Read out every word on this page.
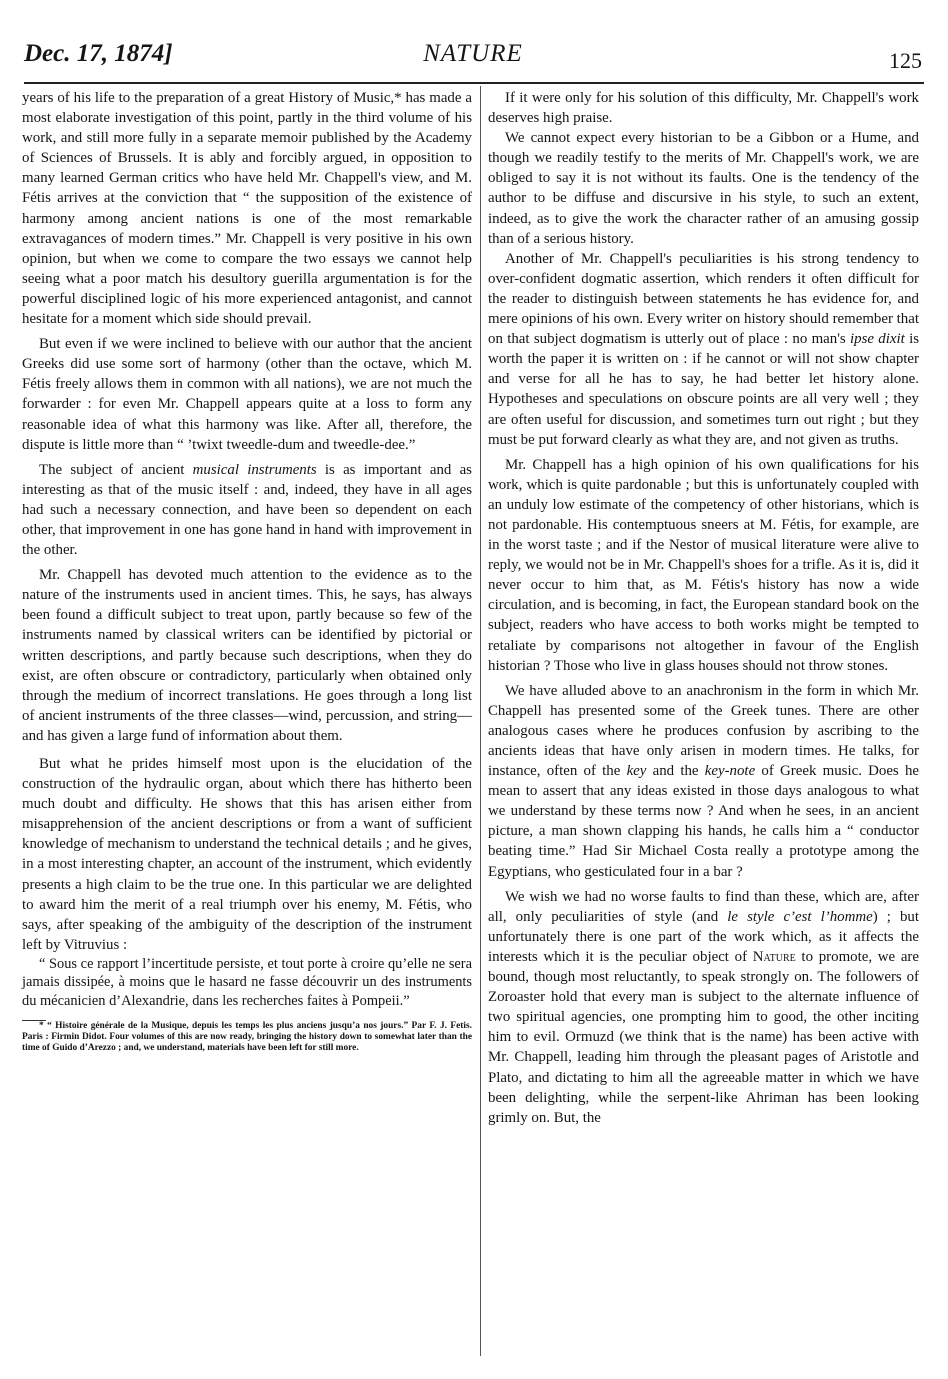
Dec. 17, 1874]	NATURE	125

years of his life to the preparation of a great History of Music,* has made a most elaborate investigation of this point, partly in the third volume of his work, and still more fully in a separate memoir published by the Academy of Sciences of Brussels. It is ably and forcibly argued, in opposition to many learned German critics who have held Mr. Chappell's view, and M. Fétis arrives at the conviction that “ the supposition of the existence of harmony among ancient nations is one of the most remarkable extravagances of modern times.” Mr. Chappell is very positive in his own opinion, but when we come to compare the two essays we cannot help seeing what a poor match his desultory guerilla argumentation is for the powerful disciplined logic of his more experienced antagonist, and cannot hesitate for a moment which side should prevail.

But even if we were inclined to believe with our author that the ancient Greeks did use some sort of harmony (other than the octave, which M. Fétis freely allows them in common with all nations), we are not much the forwarder : for even Mr. Chappell appears quite at a loss to form any reasonable idea of what this harmony was like. After all, therefore, the dispute is little more than “ ’twixt tweedle-dum and tweedle-dee.”

The subject of ancient musical instruments is as important and as interesting as that of the music itself : and, indeed, they have in all ages had such a necessary connection, and have been so dependent on each other, that improvement in one has gone hand in hand with improvement in the other.

Mr. Chappell has devoted much attention to the evidence as to the nature of the instruments used in ancient times. This, he says, has always been found a difficult subject to treat upon, partly because so few of the instruments named by classical writers can be identified by pictorial or written descriptions, and partly because such descriptions, when they do exist, are often obscure or contradictory, particularly when obtained only through the medium of incorrect translations. He goes through a long list of ancient instruments of the three classes—wind, percussion, and string—and has given a large fund of information about them.

But what he prides himself most upon is the elucidation of the construction of the hydraulic organ, about which there has hitherto been much doubt and difficulty. He shows that this has arisen either from misapprehension of the ancient descriptions or from a want of sufficient knowledge of mechanism to understand the technical details ; and he gives, in a most interesting chapter, an account of the instrument, which evidently presents a high claim to be the true one. In this particular we are delighted to award him the merit of a real triumph over his enemy, M. Fétis, who says, after speaking of the ambiguity of the description of the instrument left by Vitruvius :

“ Sous ce rapport l’incertitude persiste, et tout porte à croire qu’elle ne sera jamais dissipée, à moins que le hasard ne fasse découvrir un des instruments du mécanicien d’Alexandrie, dans les recherches faites à Pompeii.”

* “ Histoire générale de la Musique, depuis les temps les plus anciens jusqu’a nos jours.” Par F. J. Fetis. Paris : Firmin Didot. Four volumes of this are now ready, bringing the history down to somewhat later than the time of Guido d’Arezzo ; and, we understand, materials have been left for still more.

If it were only for his solution of this difficulty, Mr. Chappell's work deserves high praise.

We cannot expect every historian to be a Gibbon or a Hume, and though we readily testify to the merits of Mr. Chappell's work, we are obliged to say it is not without its faults. One is the tendency of the author to be diffuse and discursive in his style, to such an extent, indeed, as to give the work the character rather of an amusing gossip than of a serious history.

Another of Mr. Chappell's peculiarities is his strong tendency to over-confident dogmatic assertion, which renders it often difficult for the reader to distinguish between statements he has evidence for, and mere opinions of his own. Every writer on history should remember that on that subject dogmatism is utterly out of place : no man's ipse dixit is worth the paper it is written on : if he cannot or will not show chapter and verse for all he has to say, he had better let history alone. Hypotheses and speculations on obscure points are all very well ; they are often useful for discussion, and sometimes turn out right ; but they must be put forward clearly as what they are, and not given as truths.

Mr. Chappell has a high opinion of his own qualifications for his work, which is quite pardonable ; but this is unfortunately coupled with an unduly low estimate of the competency of other historians, which is not pardonable. His contemptuous sneers at M. Fétis, for example, are in the worst taste ; and if the Nestor of musical literature were alive to reply, we would not be in Mr. Chappell's shoes for a trifle. As it is, did it never occur to him that, as M. Fétis's history has now a wide circulation, and is becoming, in fact, the European standard book on the subject, readers who have access to both works might be tempted to retaliate by comparisons not altogether in favour of the English historian ? Those who live in glass houses should not throw stones.

We have alluded above to an anachronism in the form in which Mr. Chappell has presented some of the Greek tunes. There are other analogous cases where he produces confusion by ascribing to the ancients ideas that have only arisen in modern times. He talks, for instance, often of the key and the key-note of Greek music. Does he mean to assert that any ideas existed in those days analogous to what we understand by these terms now ? And when he sees, in an ancient picture, a man shown clapping his hands, he calls him a “ conductor beating time.” Had Sir Michael Costa really a prototype among the Egyptians, who gesticulated four in a bar ?

We wish we had no worse faults to find than these, which are, after all, only peculiarities of style (and le style c’est l’homme) ; but unfortunately there is one part of the work which, as it affects the interests which it is the peculiar object of Nature to promote, we are bound, though most reluctantly, to speak strongly on. The followers of Zoroaster hold that every man is subject to the alternate influence of two spiritual agencies, one prompting him to good, the other inciting him to evil. Ormuzd (we think that is the name) has been active with Mr. Chappell, leading him through the pleasant pages of Aristotle and Plato, and dictating to him all the agreeable matter in which we have been delighting, while the serpent-like Ahriman has been looking grimly on. But, the
